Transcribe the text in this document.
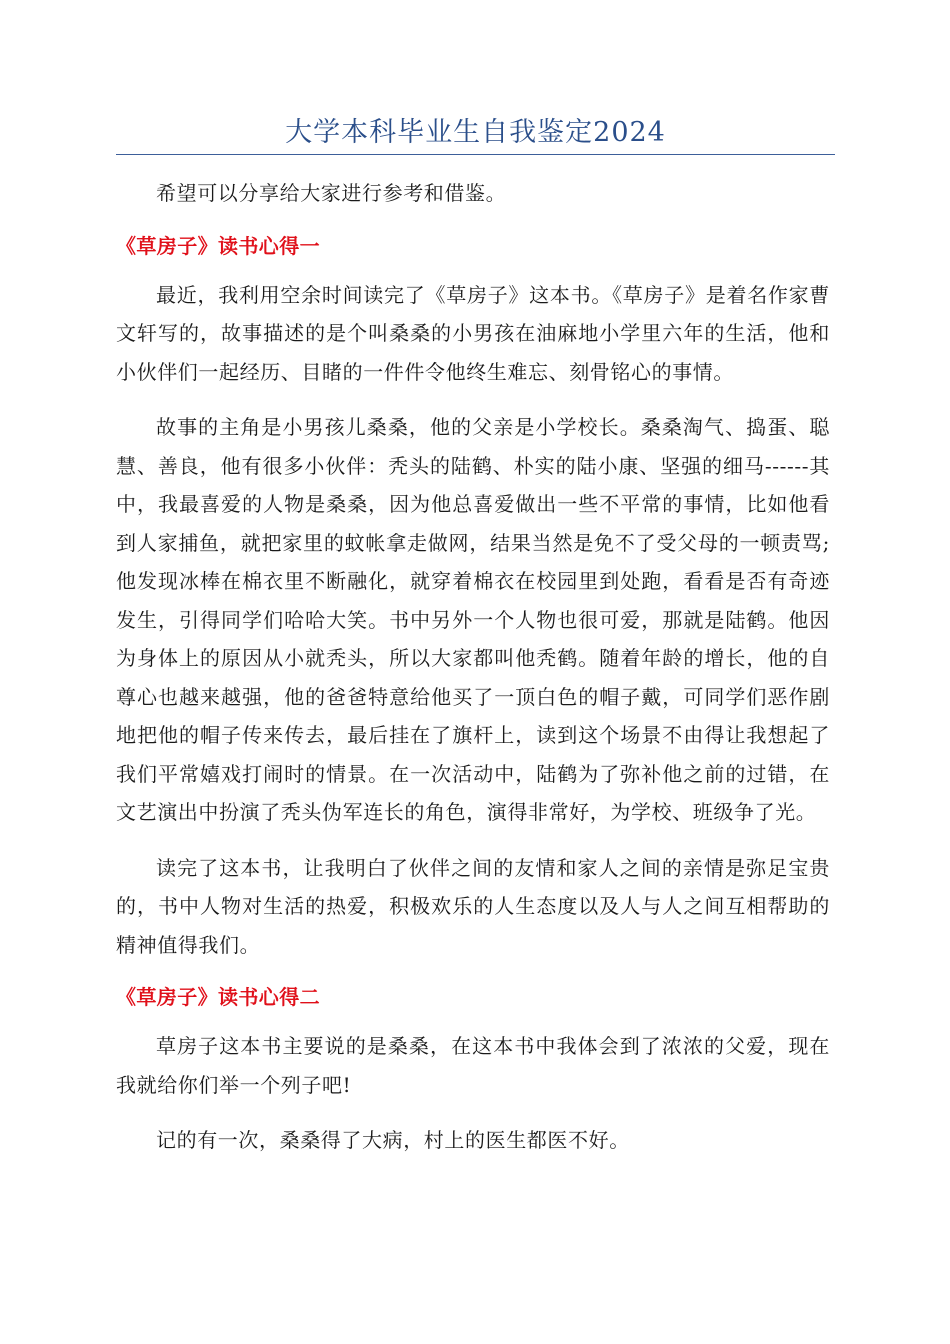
大学本科毕业生自我鉴定2024

希望可以分享给大家进行参考和借鉴。

《草房子》读书心得一

最近，我利用空余时间读完了《草房子》这本书。《草房子》是着名作家曹文轩写的，故事描述的是个叫桑桑的小男孩在油麻地小学里六年的生活，他和小伙伴们一起经历、目睹的一件件令他终生难忘、刻骨铭心的事情。

故事的主角是小男孩儿桑桑，他的父亲是小学校长。桑桑淘气、捣蛋、聪慧、善良，他有很多小伙伴：秃头的陆鹤、朴实的陆小康、坚强的细马------其中，我最喜爱的人物是桑桑，因为他总喜爱做出一些不平常的事情，比如他看到人家捕鱼，就把家里的蚊帐拿走做网，结果当然是免不了受父母的一顿责骂;他发现冰棒在棉衣里不断融化，就穿着棉衣在校园里到处跑，看看是否有奇迹发生，引得同学们哈哈大笑。书中另外一个人物也很可爱，那就是陆鹤。他因为身体上的原因从小就秃头，所以大家都叫他秃鹤。随着年龄的增长，他的自尊心也越来越强，他的爸爸特意给他买了一顶白色的帽子戴，可同学们恶作剧地把他的帽子传来传去，最后挂在了旗杆上，读到这个场景不由得让我想起了我们平常嬉戏打闹时的情景。在一次活动中，陆鹤为了弥补他之前的过错，在文艺演出中扮演了秃头伪军连长的角色，演得非常好，为学校、班级争了光。

读完了这本书，让我明白了伙伴之间的友情和家人之间的亲情是弥足宝贵的，书中人物对生活的热爱，积极欢乐的人生态度以及人与人之间互相帮助的精神值得我们。

《草房子》读书心得二

草房子这本书主要说的是桑桑，在这本书中我体会到了浓浓的父爱，现在我就给你们举一个列子吧!

记的有一次，桑桑得了大病，村上的医生都医不好。
